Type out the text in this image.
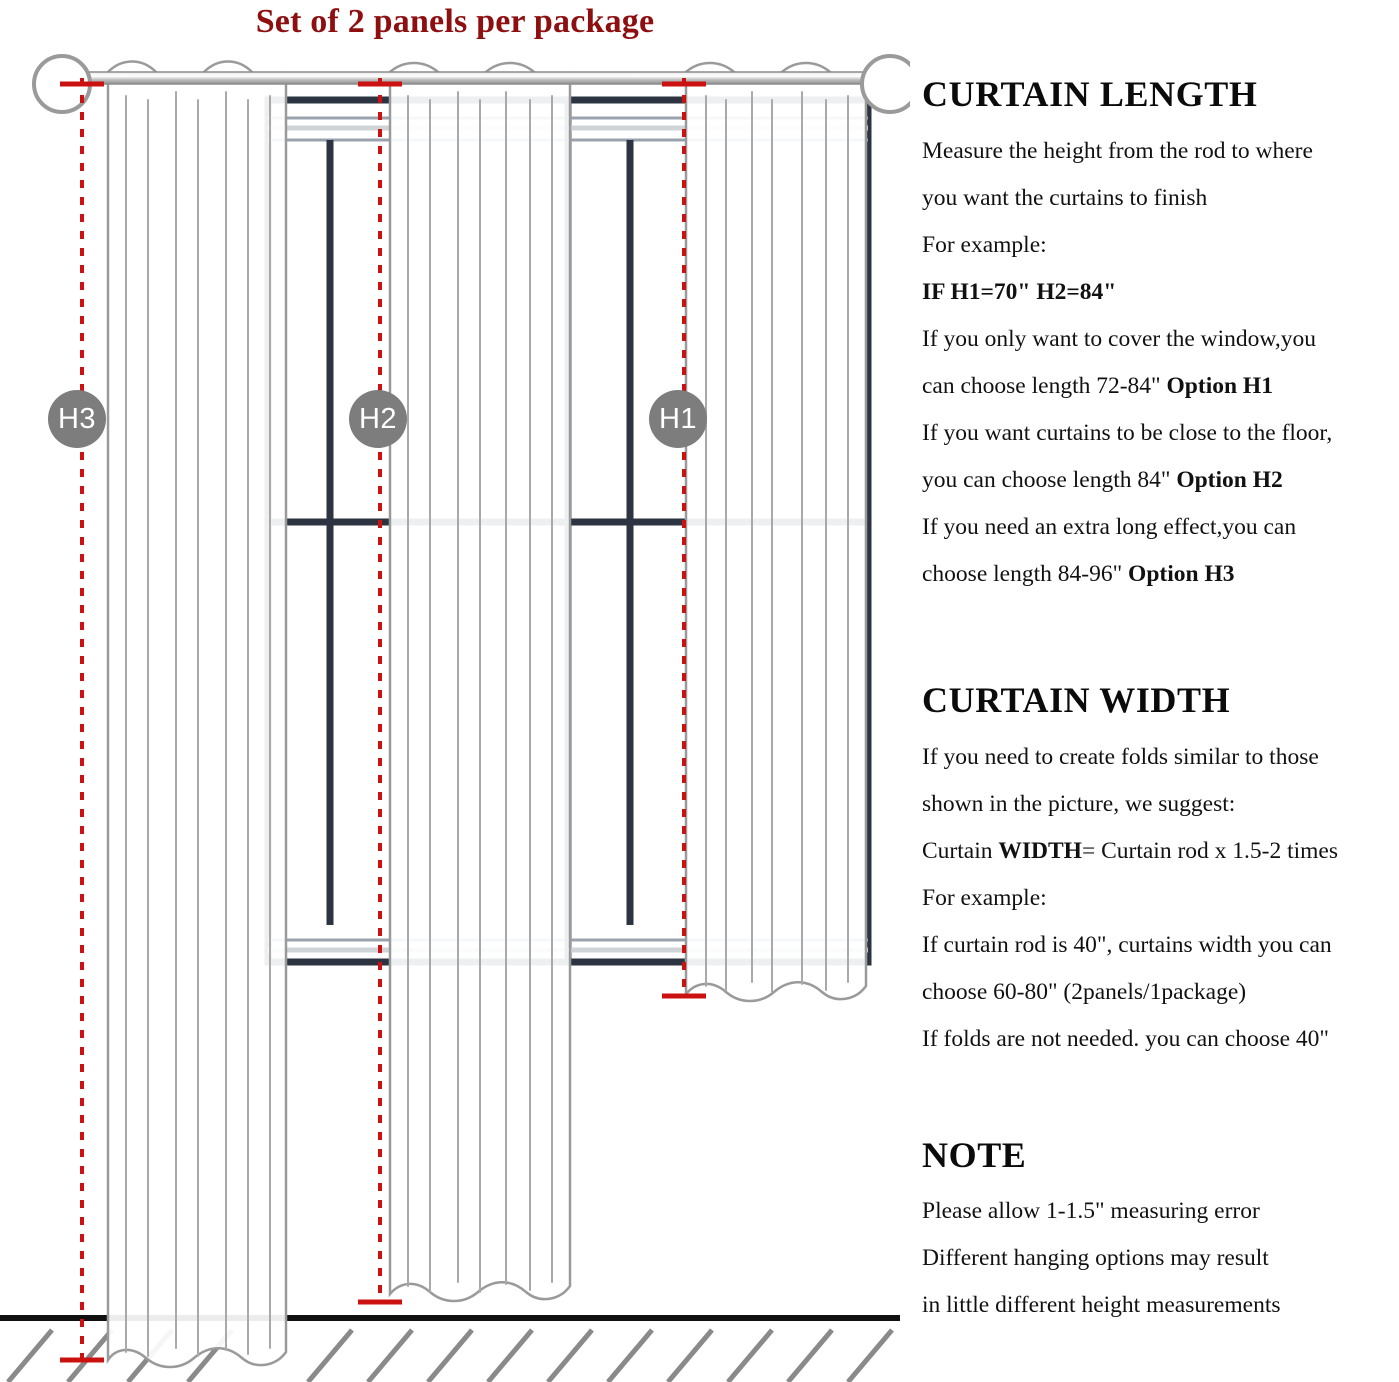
Set of 2 panels per package
H3	H2	H1
CURTAIN LENGTH

Measure the height from the rod to where

you want the curtains to finish

For example:

IF H1=70" H2=84"

If you only want to cover the window,you

can choose length 72-84" Option H1

If you want curtains to be close to the floor,

you can choose length 84" Option H2

If you need an extra long effect,you can

choose length 84-96" Option H3

CURTAIN WIDTH

If you need to create folds similar to those

shown in the picture, we suggest:

Curtain WIDTH= Curtain rod x 1.5-2 times

For example:

If curtain rod is 40", curtains width you can

choose 60-80" (2panels/1package)

If folds are not needed. you can choose 40"

NOTE

Please allow 1-1.5" measuring error

Different hanging options may result

in little different height measurements
